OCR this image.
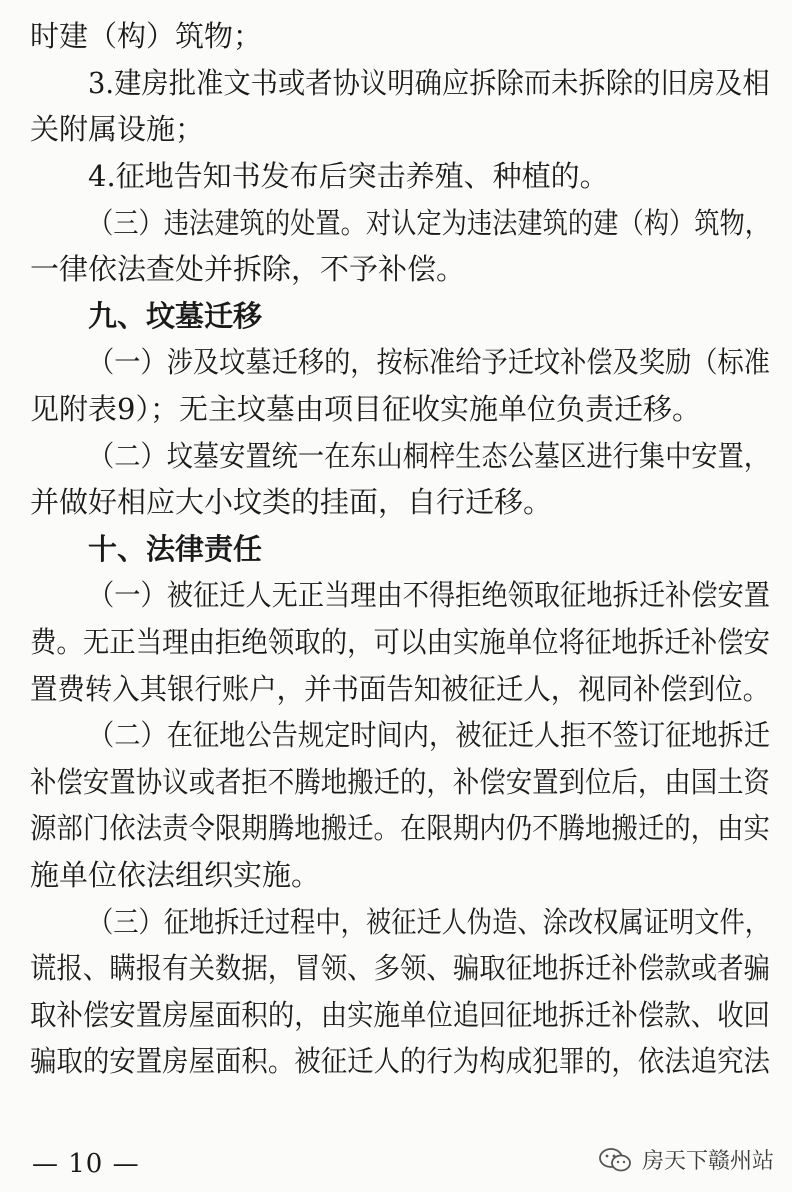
时建（构）筑物；
3.建房批准文书或者协议明确应拆除而未拆除的旧房及相
关附属设施；
4.征地告知书发布后突击养殖、种植的。
（三）违法建筑的处置。对认定为违法建筑的建（构）筑物，
一律依法查处并拆除，不予补偿。
九、坟墓迁移
（一）涉及坟墓迁移的，按标准给予迁坟补偿及奖励（标准
见附表9）；无主坟墓由项目征收实施单位负责迁移。
（二）坟墓安置统一在东山桐梓生态公墓区进行集中安置，
并做好相应大小坟类的挂面，自行迁移。
十、法律责任
（一）被征迁人无正当理由不得拒绝领取征地拆迁补偿安置
费。无正当理由拒绝领取的，可以由实施单位将征地拆迁补偿安
置费转入其银行账户，并书面告知被征迁人，视同补偿到位。
（二）在征地公告规定时间内，被征迁人拒不签订征地拆迁
补偿安置协议或者拒不腾地搬迁的，补偿安置到位后，由国土资
源部门依法责令限期腾地搬迁。在限期内仍不腾地搬迁的，由实
施单位依法组织实施。
（三）征地拆迁过程中，被征迁人伪造、涂改权属证明文件，
谎报、瞒报有关数据，冒领、多领、骗取征地拆迁补偿款或者骗
取补偿安置房屋面积的，由实施单位追回征地拆迁补偿款、收回
骗取的安置房屋面积。被征迁人的行为构成犯罪的，依法追究法
— 10 —	房天下赣州站
